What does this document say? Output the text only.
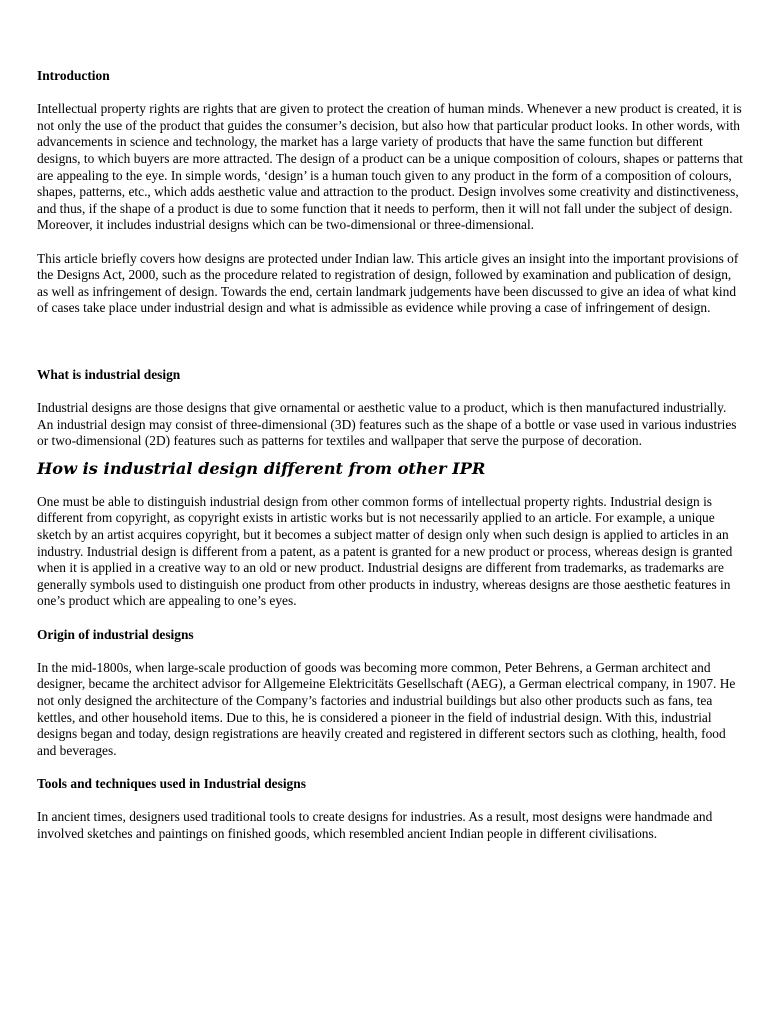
Introduction

Intellectual property rights are rights that are given to protect the creation of human minds. Whenever a new product is created, it is not only the use of the product that guides the consumer’s decision, but also how that particular product looks. In other words, with advancements in science and technology, the market has a large variety of products that have the same function but different designs, to which buyers are more attracted. The design of a product can be a unique composition of colours, shapes or patterns that are appealing to the eye. In simple words, ‘design’ is a human touch given to any product in the form of a composition of colours, shapes, patterns, etc., which adds aesthetic value and attraction to the product. Design involves some creativity and distinctiveness, and thus, if the shape of a product is due to some function that it needs to perform, then it will not fall under the subject of design. Moreover, it includes industrial designs which can be two-dimensional or three-dimensional.

This article briefly covers how designs are protected under Indian law. This article gives an insight into the important provisions of the Designs Act, 2000, such as the procedure related to registration of design, followed by examination and publication of design, as well as infringement of design. Towards the end, certain landmark judgements have been discussed to give an idea of what kind of cases take place under industrial design and what is admissible as evidence while proving a case of infringement of design.

What is industrial design

Industrial designs are those designs that give ornamental or aesthetic value to a product, which is then manufactured industrially. An industrial design may consist of three-dimensional (3D) features such as the shape of a bottle or vase used in various industries or two-dimensional (2D) features such as patterns for textiles and wallpaper that serve the purpose of decoration.

How is industrial design different from other IPR

One must be able to distinguish industrial design from other common forms of intellectual property rights. Industrial design is different from copyright, as copyright exists in artistic works but is not necessarily applied to an article. For example, a unique sketch by an artist acquires copyright, but it becomes a subject matter of design only when such design is applied to articles in an industry. Industrial design is different from a patent, as a patent is granted for a new product or process, whereas design is granted when it is applied in a creative way to an old or new product. Industrial designs are different from trademarks, as trademarks are generally symbols used to distinguish one product from other products in industry, whereas designs are those aesthetic features in one’s product which are appealing to one’s eyes.

Origin of industrial designs

In the mid-1800s, when large-scale production of goods was becoming more common, Peter Behrens, a German architect and designer, became the architect advisor for Allgemeine Elektricitäts Gesellschaft (AEG), a German electrical company, in 1907. He not only designed the architecture of the Company’s factories and industrial buildings but also other products such as fans, tea kettles, and other household items. Due to this, he is considered a pioneer in the field of industrial design. With this, industrial designs began and today, design registrations are heavily created and registered in different sectors such as clothing, health, food and beverages.

Tools and techniques used in Industrial designs

In ancient times, designers used traditional tools to create designs for industries. As a result, most designs were handmade and involved sketches and paintings on finished goods, which resembled ancient Indian people in different civilisations.
